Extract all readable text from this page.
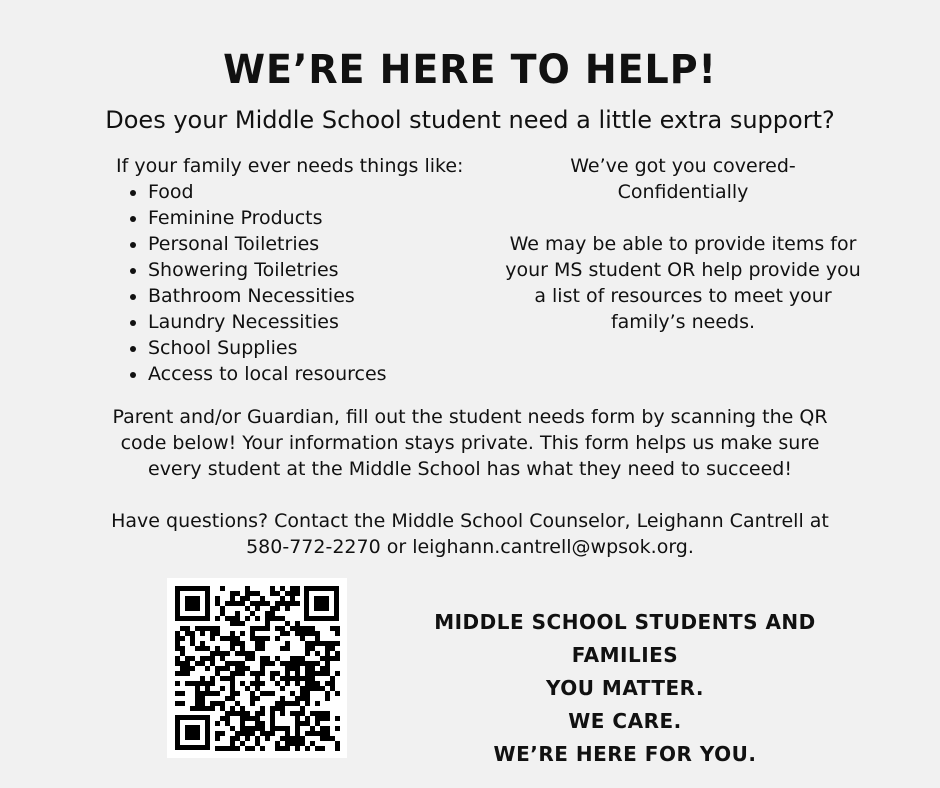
WE’RE HERE TO HELP!
Does your Middle School student need a little extra support?
If your family ever needs things like:
• Food
• Feminine Products
• Personal Toiletries
• Showering Toiletries
• Bathroom Necessities
• Laundry Necessities
• School Supplies
• Access to local resources

We’ve got you covered-

Confidentially

We may be able to provide items for

your MS student OR help provide you

a list of resources to meet your

family’s needs.

Parent and/or Guardian, fill out the student needs form by scanning the QR
code below! Your information stays private. This form helps us make sure
every student at the Middle School has what they need to succeed!
Have questions? Contact the Middle School Counselor, Leighann Cantrell at
580-772-2270 or leighann.cantrell@wpsok.org.
MIDDLE SCHOOL STUDENTS AND FAMILIES
YOU MATTER.
WE CARE.
WE’RE HERE FOR YOU.
